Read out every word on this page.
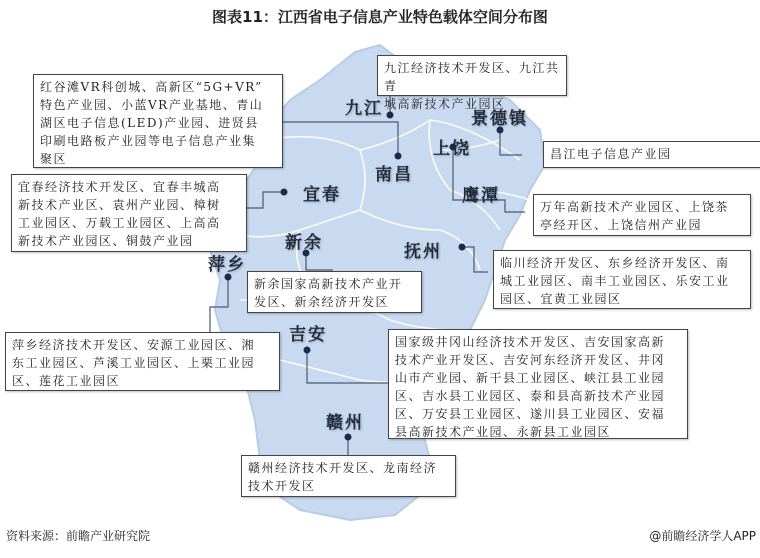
图表11：江西省电子信息产业特色载体空间分布图
九江
南昌
景德镇
上饶
鹰潭
宜春
新余	抚州
萍乡
吉安
赣州
红谷滩VR科创城、高新区“5G+VR”
特色产业园、小蓝VR产业基地、青山
湖区电子信息(LED)产业园、进贤县
印刷电路板产业园等电子信息产业集
聚区
九江经济技术开发区、九江共青
城高新技术产业园区
昌江电子信息产业园
万年高新技术产业园区、上饶茶
亭经开区、上饶信州产业园
宜春经济技术开发区、宜春丰城高
新技术产业区、袁州产业园、樟树
工业园区、万载工业园区、上高高
新技术产业园区、铜鼓产业园
临川经济开发区、东乡经济开发区、南
城工业园区、南丰工业园区、乐安工业
园区、宜黄工业园区
新余国家高新技术产业开
发区、新余经济开发区
萍乡经济技术开发区、安源工业园区、湘
东工业园区、芦溪工业园区、上栗工业园
区、莲花工业园区
国家级井冈山经济技术开发区、吉安国家高新
技术产业开发区、吉安河东经济开发区、井冈
山市产业园、新干县工业园区、峡江县工业园
区、吉水县工业园区、泰和县高新技术产业园
区、万安县工业园区、遂川县工业园区、安福
县高新技术产业园、永新县工业园区
赣州经济技术开发区、龙南经济
技术开发区
资料来源：前瞻产业研究院	@前瞻经济学人APP
